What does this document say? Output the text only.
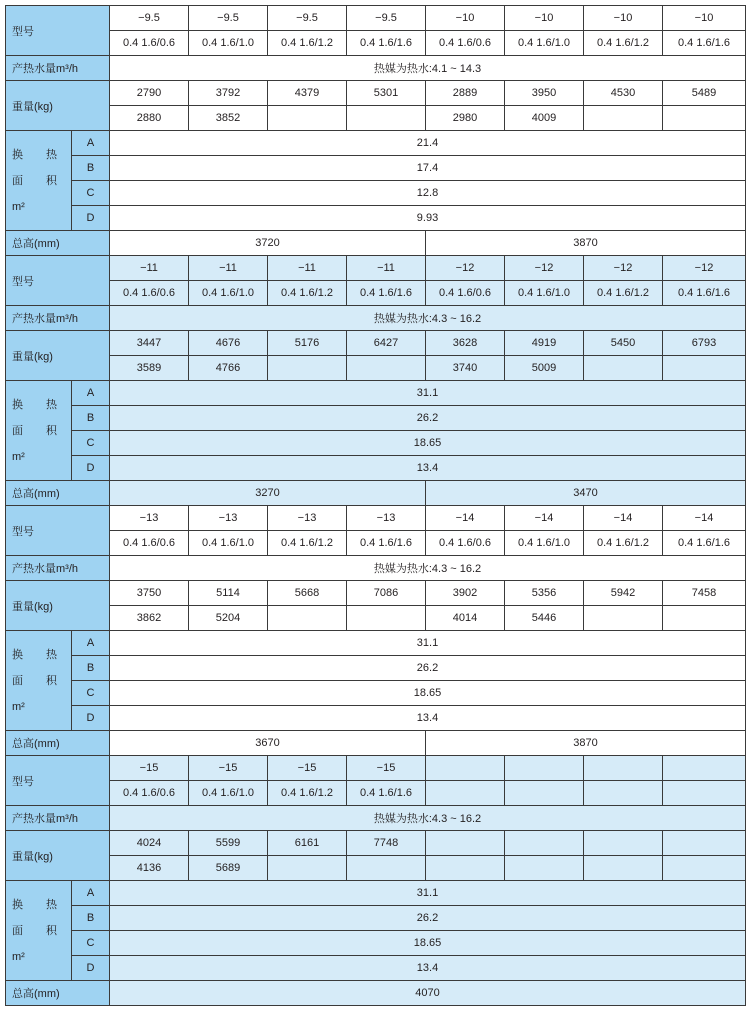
型号		−9.5	−9.5	−9.5	−9.5	−10	−10	−10	−10
		0.4 1.6/0.6	0.4 1.6/1.0	0.4 1.6/1.2	0.4 1.6/1.6	0.4 1.6/0.6	0.4 1.6/1.0	0.4 1.6/1.2	0.4 1.6/1.6
产热水量m³/h		热媒为热水:4.1 ~ 14.3							
重量(kg)		2790	3792	4379	5301	2889	3950	4530	5489
		2880	3852			2980	4009		

换 热
面 积
m²	A	21.4							
	B	17.4							
	C	12.8							
	D	9.93							
总高(mm)		3720				3870			
型号		−11	−11	−11	−11	−12	−12	−12	−12
		0.4 1.6/0.6	0.4 1.6/1.0	0.4 1.6/1.2	0.4 1.6/1.6	0.4 1.6/0.6	0.4 1.6/1.0	0.4 1.6/1.2	0.4 1.6/1.6
产热水量m³/h		热媒为热水:4.3 ~ 16.2							
重量(kg)		3447	4676	5176	6427	3628	4919	5450	6793
		3589	4766			3740	5009		

换 热
面 积
m²	A	31.1							
	B	26.2							
	C	18.65							
	D	13.4							
总高(mm)		3270				3470			
型号		−13	−13	−13	−13	−14	−14	−14	−14
		0.4 1.6/0.6	0.4 1.6/1.0	0.4 1.6/1.2	0.4 1.6/1.6	0.4 1.6/0.6	0.4 1.6/1.0	0.4 1.6/1.2	0.4 1.6/1.6
产热水量m³/h		热媒为热水:4.3 ~ 16.2							
重量(kg)		3750	5114	5668	7086	3902	5356	5942	7458
		3862	5204			4014	5446		

换 热
面 积
m²	A	31.1							
	B	26.2							
	C	18.65							
	D	13.4							
总高(mm)		3670				3870			
型号		−15	−15	−15	−15				
		0.4 1.6/0.6	0.4 1.6/1.0	0.4 1.6/1.2	0.4 1.6/1.6				
产热水量m³/h		热媒为热水:4.3 ~ 16.2							
重量(kg)		4024	5599	6161	7748				
		4136	5689						

换 热
面 积
m²	A	31.1							
	B	26.2							
	C	18.65							
	D	13.4							
总高(mm)		4070							
